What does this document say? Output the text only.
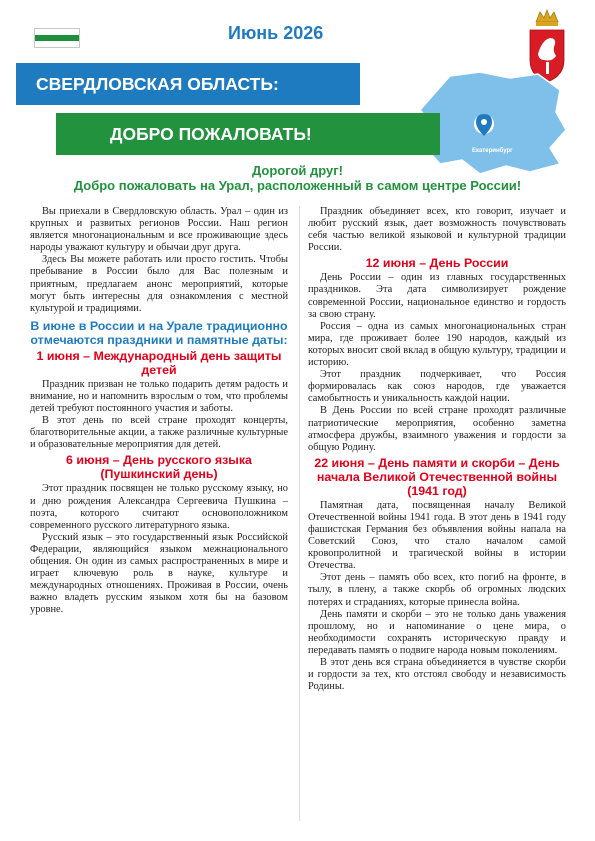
Июнь 2026
Екатеринбург
СВЕРДЛОВСКАЯ ОБЛАСТЬ:
ДОБРО ПОЖАЛОВАТЬ!
Дорогой друг!
Добро пожаловать на Урал, расположенный в самом центре России!

Вы приехали в Свердловскую область. Урал – один из крупных и развитых регионов России. Наш регион является многонациональным и все проживающие здесь народы уважают культуру и обычаи друг друга.

Здесь Вы можете работать или просто гостить. Чтобы пребывание в России было для Вас полезным и приятным, предлагаем анонс мероприятий, которые могут быть интересны для ознакомления с местной культурой и традициями.

В июне в России и на Урале традиционно отмечаются праздники и памятные даты:
1 июня – Международный день защиты детей

Праздник призван не только подарить детям радость и внимание, но и напомнить взрослым о том, что проблемы детей требуют постоянного участия и заботы.

В этот день по всей стране проходят концерты, благотворительные акции, а также различные культурные и образовательные мероприятия для детей.

6 июня – День русского языка (Пушкинский день)

Этот праздник посвящен не только русскому языку, но и дню рождения Александра Сергеевича Пушкина – поэта, которого считают основоположником современного русского литературного языка.

Русский язык – это государственный язык Российской Федерации, являющийся языком межнационального общения. Он один из самых распространенных в мире и играет ключевую роль в науке, культуре и международных отношениях. Проживая в России, очень важно владеть русским языком хотя бы на базовом уровне.

Праздник объединяет всех, кто говорит, изучает и любит русский язык, дает возможность почувствовать себя частью великой языковой и культурной традиции России.

12 июня – День России

День России – один из главных государственных праздников. Эта дата символизирует рождение современной России, национальное единство и гордость за свою страну.

Россия – одна из самых многонациональных стран мира, где проживает более 190 народов, каждый из которых вносит свой вклад в общую культуру, традиции и историю.

Этот праздник подчеркивает, что Россия формировалась как союз народов, где уважается самобытность и уникальность каждой нации.

В День России по всей стране проходят различные патриотические мероприятия, особенно заметна атмосфера дружбы, взаимного уважения и гордости за общую Родину.

22 июня – День памяти и скорби – День начала Великой Отечественной войны (1941 год)

Памятная дата, посвященная началу Великой Отечественной войны 1941 года. В этот день в 1941 году фашистская Германия без объявления войны напала на Советский Союз, что стало началом самой кровопролитной и трагической войны в истории Отечества.

Этот день – память обо всех, кто погиб на фронте, в тылу, в плену, а также скорбь об огромных людских потерях и страданиях, которые принесла война.

День памяти и скорби – это не только дань уважения прошлому, но и напоминание о цене мира, о необходимости сохранять историческую правду и передавать память о подвиге народа новым поколениям.

В этот день вся страна объединяется в чувстве скорби и гордости за тех, кто отстоял свободу и независимость Родины.
